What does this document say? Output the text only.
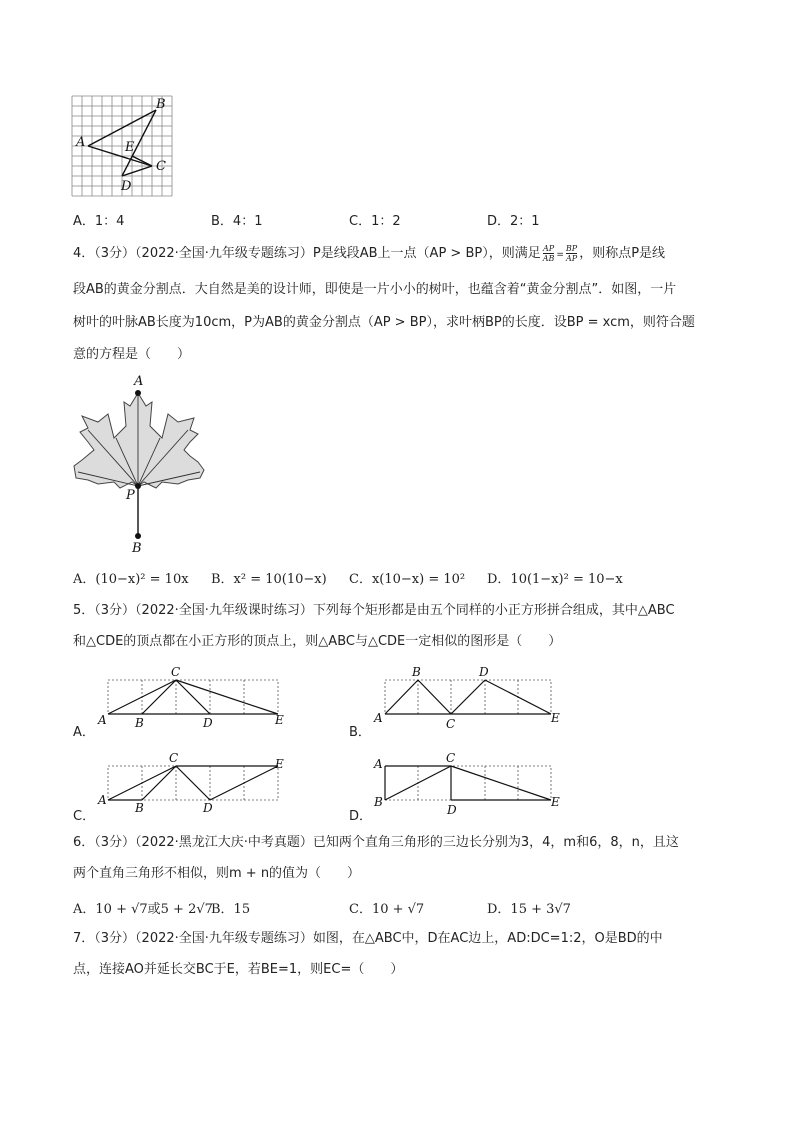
B
A	E
C
D
A．1：4	B．4：1	C．1：2	D．2：1
4．（3分）（2022·全国·九年级专题练习）P是线段AB上一点（AP > BP），则满足 $\frac{AP}{AB} = \frac{BP}{AP}$ ，则称点P是线
段AB的黄金分割点．大自然是美的设计师，即使是一片小小的树叶，也蕴含着“黄金分割点”．如图，一片
树叶的叶脉AB长度为10cm，P为AB的黄金分割点（AP > BP），求叶柄BP的长度．设BP = xcm，则符合题
意的方程是（　　）
A
P
B
A．(10−x)² = 10x B．x² = 10(10−x) C．x(10−x) = 10² D．10(1−x)² = 10−x
5．（3分）（2022·全国·九年级课时练习）下列每个矩形都是由五个同样的小正方形拼合组成，其中△ABC
和△CDE的顶点都在小正方形的顶点上，则△ABC与△CDE一定相似的图形是（　　）
A．
C
A B	D	E
B．
B	D
A	C	E
C．
C	E
A
B	D
D．
A	C
B
D
E
6．（3分）（2022·黑龙江大庆·中考真题）已知两个直角三角形的三边长分别为3，4，m和6，8，n，且这
两个直角三角形不相似，则m + n的值为（　　）
A．10 + √7或5 + 2√7
B．15	C．10 + √7	D．15 + 3√7
7．（3分）（2022·全国·九年级专题练习）如图，在△ABC中，D在AC边上，AD:DC=1:2，O是BD的中
点，连接AO并延长交BC于E，若BE=1，则EC=（　　）
